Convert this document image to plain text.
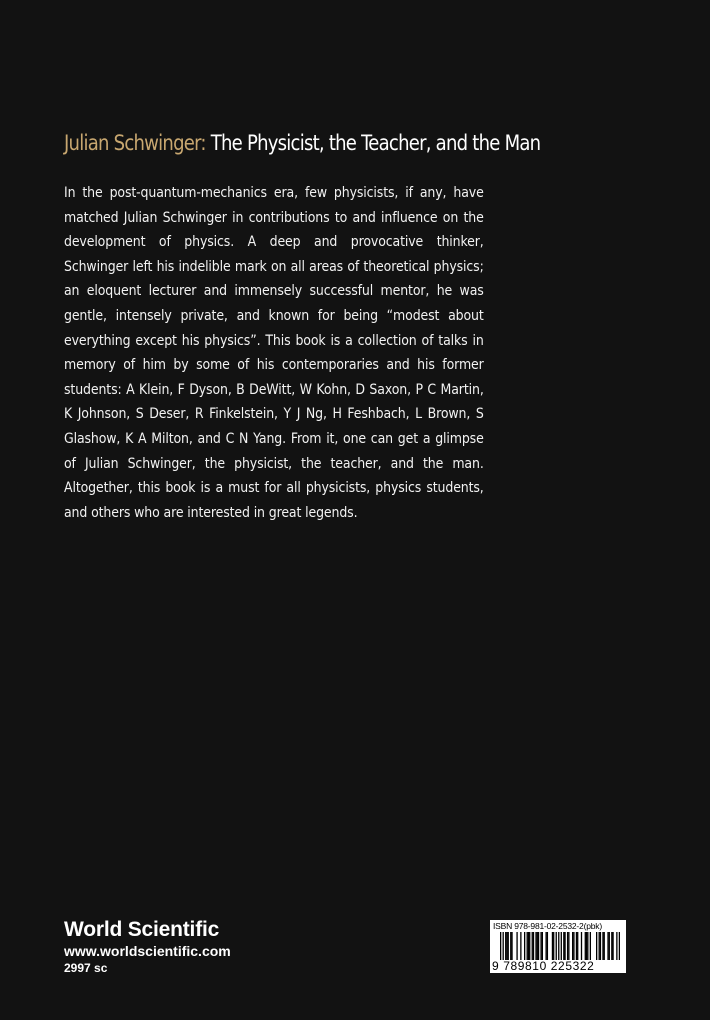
Julian Schwinger: The Physicist, the Teacher, and the Man
In the post-quantum-mechanics era, few physicists, if any, have matched Julian Schwinger in contributions to and influence on the development of physics. A deep and provocative thinker, Schwinger left his indelible mark on all areas of theoretical physics; an eloquent lecturer and immensely successful mentor, he was gentle, intensely private, and known for being “modest about everything except his physics”. This book is a collection of talks in memory of him by some of his contemporaries and his former students: A Klein, F Dyson, B DeWitt, W Kohn, D Saxon, P C Martin, K Johnson, S Deser, R Finkelstein, Y J Ng, H Feshbach, L Brown, S Glashow, K A Milton, and C N Yang. From it, one can get a glimpse of Julian Schwinger, the physicist, the teacher, and the man. Altogether, this book is a must for all physicists, physics students, and others who are interested in great legends.
World Scientific
www.worldscientific.com
2997 sc
ISBN 978-981-02-2532-2(pbk)
9 789810 225322
